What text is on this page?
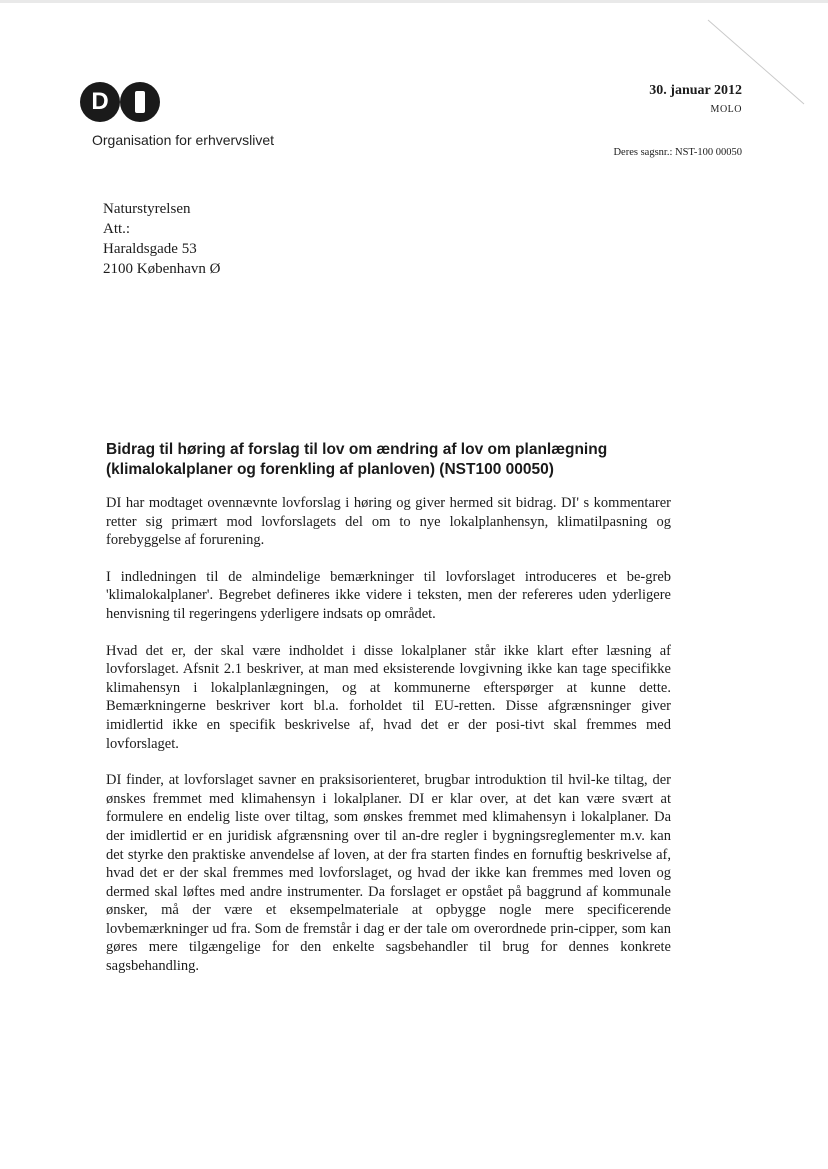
D
Organisation for erhvervslivet
30. januar 2012
MOLO
Deres sagsnr.: NST-100 00050
Naturstyrelsen
Att.:
Haraldsgade 53
2100 København Ø
Bidrag til høring af forslag til lov om ændring af lov om planlægning (klimalokalplaner og forenkling af planloven) (NST100 00050)

DI har modtaget ovennævnte lovforslag i høring og giver hermed sit bidrag. DI' s kommentarer retter sig primært mod lovforslagets del om to nye lokalplanhensyn, klimatilpasning og forebyggelse af forurening.

I indledningen til de almindelige bemærkninger til lovforslaget introduceres et be-greb 'klimalokalplaner'. Begrebet defineres ikke videre i teksten, men der refereres uden yderligere henvisning til regeringens yderligere indsats op området.

Hvad det er, der skal være indholdet i disse lokalplaner står ikke klart efter læsning af lovforslaget. Afsnit 2.1 beskriver, at man med eksisterende lovgivning ikke kan tage specifikke klimahensyn i lokalplanlægningen, og at kommunerne efterspørger at kunne dette. Bemærkningerne beskriver kort bl.a. forholdet til EU-retten. Disse afgrænsninger giver imidlertid ikke en specifik beskrivelse af, hvad det er der posi-tivt skal fremmes med lovforslaget.

DI finder, at lovforslaget savner en praksisorienteret, brugbar introduktion til hvil-ke tiltag, der ønskes fremmet med klimahensyn i lokalplaner. DI er klar over, at det kan være svært at formulere en endelig liste over tiltag, som ønskes fremmet med klimahensyn i lokalplaner. Da der imidlertid er en juridisk afgrænsning over til an-dre regler i bygningsreglementer m.v. kan det styrke den praktiske anvendelse af loven, at der fra starten findes en fornuftig beskrivelse af, hvad det er der skal fremmes med lovforslaget, og hvad der ikke kan fremmes med loven og dermed skal løftes med andre instrumenter. Da forslaget er opstået på baggrund af kommunale ønsker, må der være et eksempelmateriale at opbygge nogle mere specificerende lovbemærkninger ud fra. Som de fremstår i dag er der tale om overordnede prin-cipper, som kan gøres mere tilgængelige for den enkelte sagsbehandler til brug for dennes konkrete sagsbehandling.
